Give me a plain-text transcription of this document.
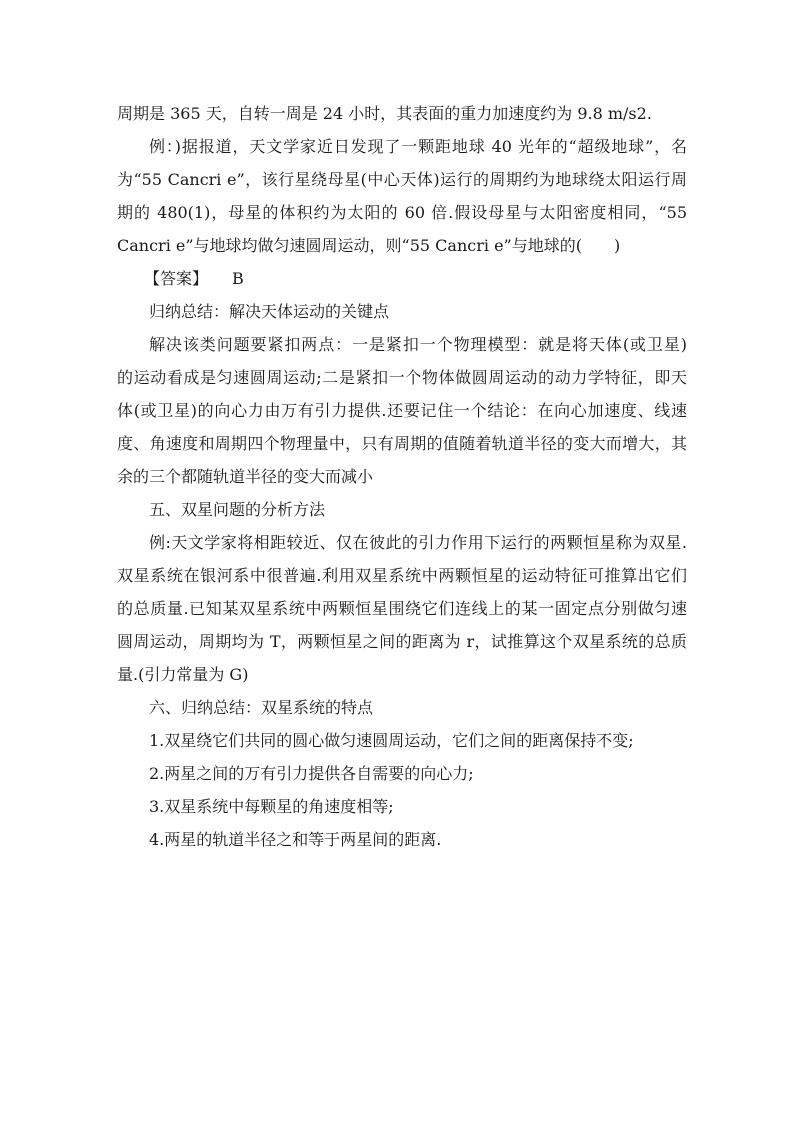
周期是 365 天，自转一周是 24 小时，其表面的重力加速度约为 9.8 m/s2.
例：)据报道，天文学家近日发现了一颗距地球 40 光年的“超级地球”，名
为“55 Cancri e”，该行星绕母星(中心天体)运行的周期约为地球绕太阳运行周
期的 480(1)，母星的体积约为太阳的 60 倍.假设母星与太阳密度相同，“55
Cancri e”与地球均做匀速圆周运动，则“55 Cancri e”与地球的(　　)
【答案】 B
归纳总结：解决天体运动的关键点
解决该类问题要紧扣两点：一是紧扣一个物理模型：就是将天体(或卫星)
的运动看成是匀速圆周运动;二是紧扣一个物体做圆周运动的动力学特征，即天
体(或卫星)的向心力由万有引力提供.还要记住一个结论：在向心加速度、线速
度、角速度和周期四个物理量中，只有周期的值随着轨道半径的变大而增大，其
余的三个都随轨道半径的变大而减小
五、双星问题的分析方法
例:天文学家将相距较近、仅在彼此的引力作用下运行的两颗恒星称为双星.
双星系统在银河系中很普遍.利用双星系统中两颗恒星的运动特征可推算出它们
的总质量.已知某双星系统中两颗恒星围绕它们连线上的某一固定点分别做匀速
圆周运动，周期均为 T，两颗恒星之间的距离为 r，试推算这个双星系统的总质
量.(引力常量为 G)
六、归纳总结：双星系统的特点
1.双星绕它们共同的圆心做匀速圆周运动，它们之间的距离保持不变;
2.两星之间的万有引力提供各自需要的向心力;
3.双星系统中每颗星的角速度相等;
4.两星的轨道半径之和等于两星间的距离.
